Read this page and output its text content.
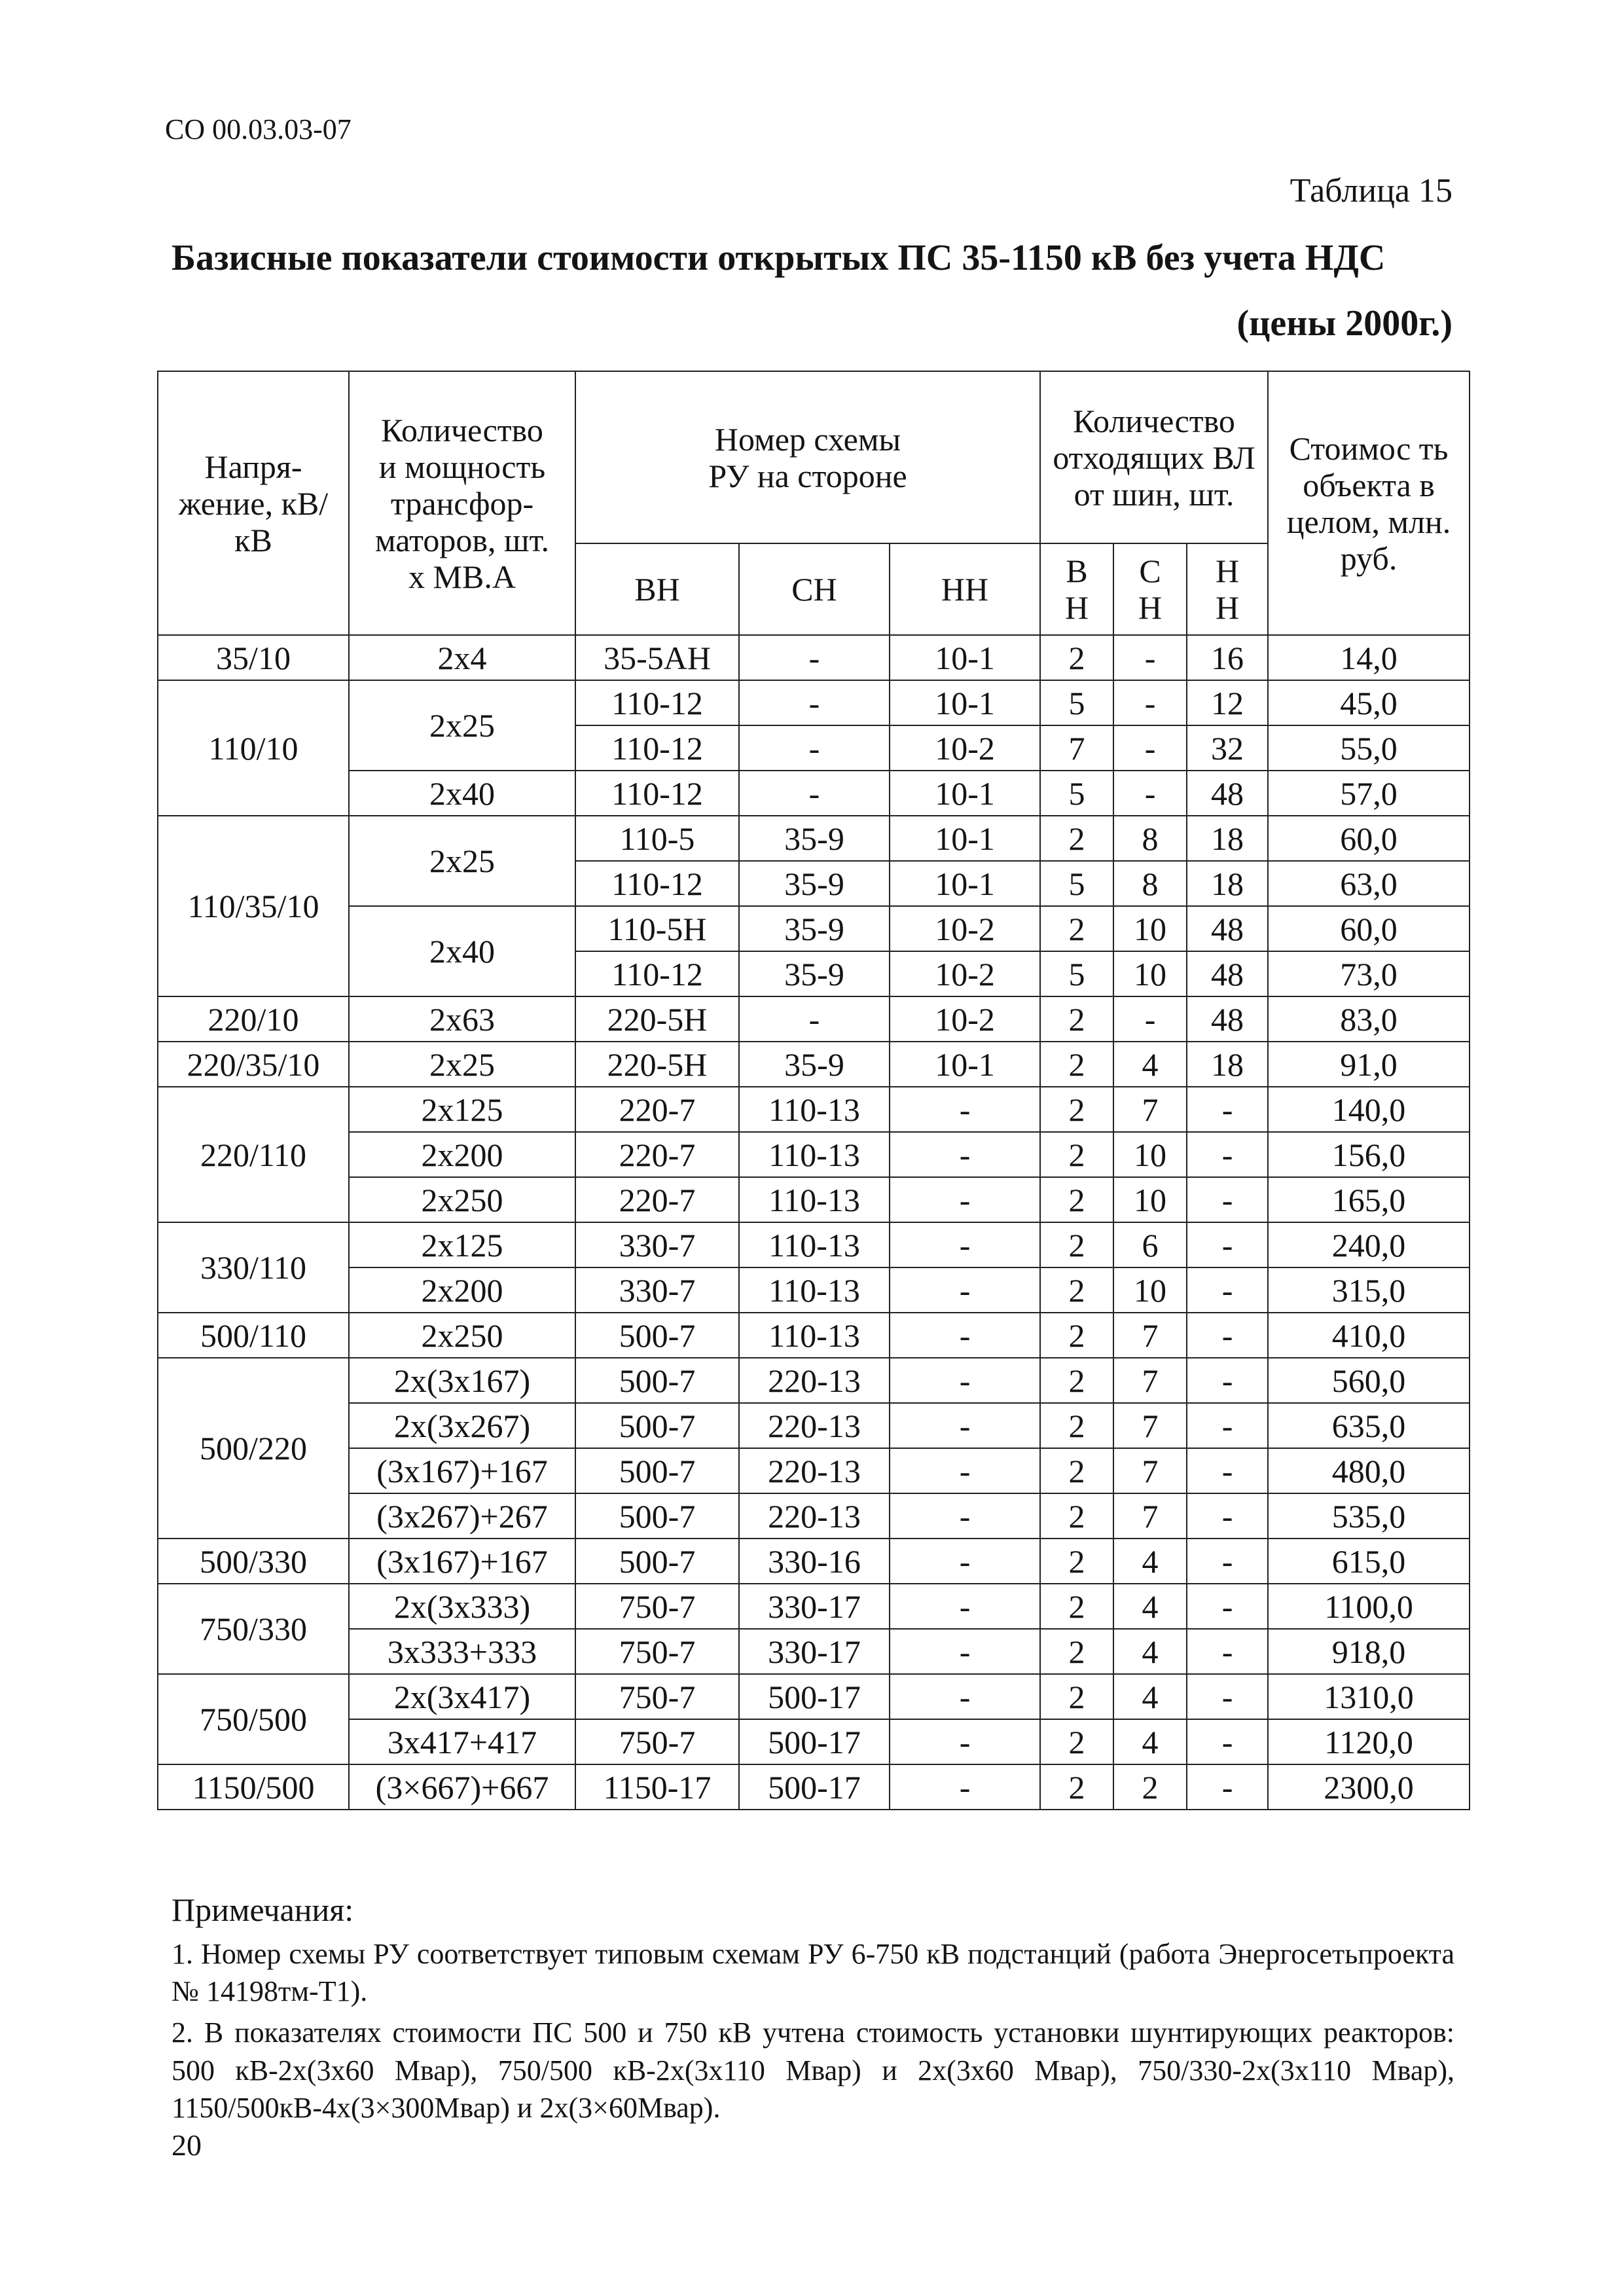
СО 00.03.03-07
Таблица 15
Базисные показатели стоимости открытых ПС 35-1150 кВ без учета НДС
(цены 2000г.)
Напря-жение, кВ/кВ	Количество и мощность трансфор-маторов, шт. х МВ.А	Номер схемы РУ на стороне			Количество отходящих ВЛ от шин, шт.			Стоимос ть объекта в целом, млн. руб.
		ВН	СН	НН	В Н	С Н	Н Н	
35/10	2х4	35-5АН	-	10-1	2	-	16	14,0
110/10	2х25	110-12	-	10-1	5	-	12	45,0
		110-12	-	10-2	7	-	32	55,0
	2х40	110-12	-	10-1	5	-	48	57,0
110/35/10	2х25	110-5	35-9	10-1	2	8	18	60,0
		110-12	35-9	10-1	5	8	18	63,0
	2х40	110-5Н	35-9	10-2	2	10	48	60,0
		110-12	35-9	10-2	5	10	48	73,0
220/10	2х63	220-5Н	-	10-2	2	-	48	83,0
220/35/10	2х25	220-5Н	35-9	10-1	2	4	18	91,0
220/110	2х125	220-7	110-13	-	2	7	-	140,0
	2х200	220-7	110-13	-	2	10	-	156,0
	2х250	220-7	110-13	-	2	10	-	165,0
330/110	2х125	330-7	110-13	-	2	6	-	240,0
	2х200	330-7	110-13	-	2	10	-	315,0
500/110	2х250	500-7	110-13	-	2	7	-	410,0
500/220	2х(3х167)	500-7	220-13	-	2	7	-	560,0
	2х(3х267)	500-7	220-13	-	2	7	-	635,0
	(3х167)+167	500-7	220-13	-	2	7	-	480,0
	(3х267)+267	500-7	220-13	-	2	7	-	535,0
500/330	(3х167)+167	500-7	330-16	-	2	4	-	615,0
750/330	2х(3х333)	750-7	330-17	-	2	4	-	1100,0
	3х333+333	750-7	330-17	-	2	4	-	918,0
750/500	2х(3х417)	750-7	500-17	-	2	4	-	1310,0
	3х417+417	750-7	500-17	-	2	4	-	1120,0
1150/500	(3×667)+667	1150-17	500-17	-	2	2	-	2300,0
Примечания:

1. Номер схемы РУ соответствует типовым схемам РУ 6-750 кВ подстанций (работа Энергосетьпроекта № 14198тм-Т1).

2. В показателях стоимости ПС 500 и 750 кВ учтена стоимость установки шунтирующих реакторов: 500 кВ-2х(3х60 Мвар), 750/500 кВ-2х(3х110 Мвар) и 2х(3х60 Мвар), 750/330-2х(3х110 Мвар), 1150/500кВ-4х(3×300Мвар) и 2х(3×60Мвар).

20
